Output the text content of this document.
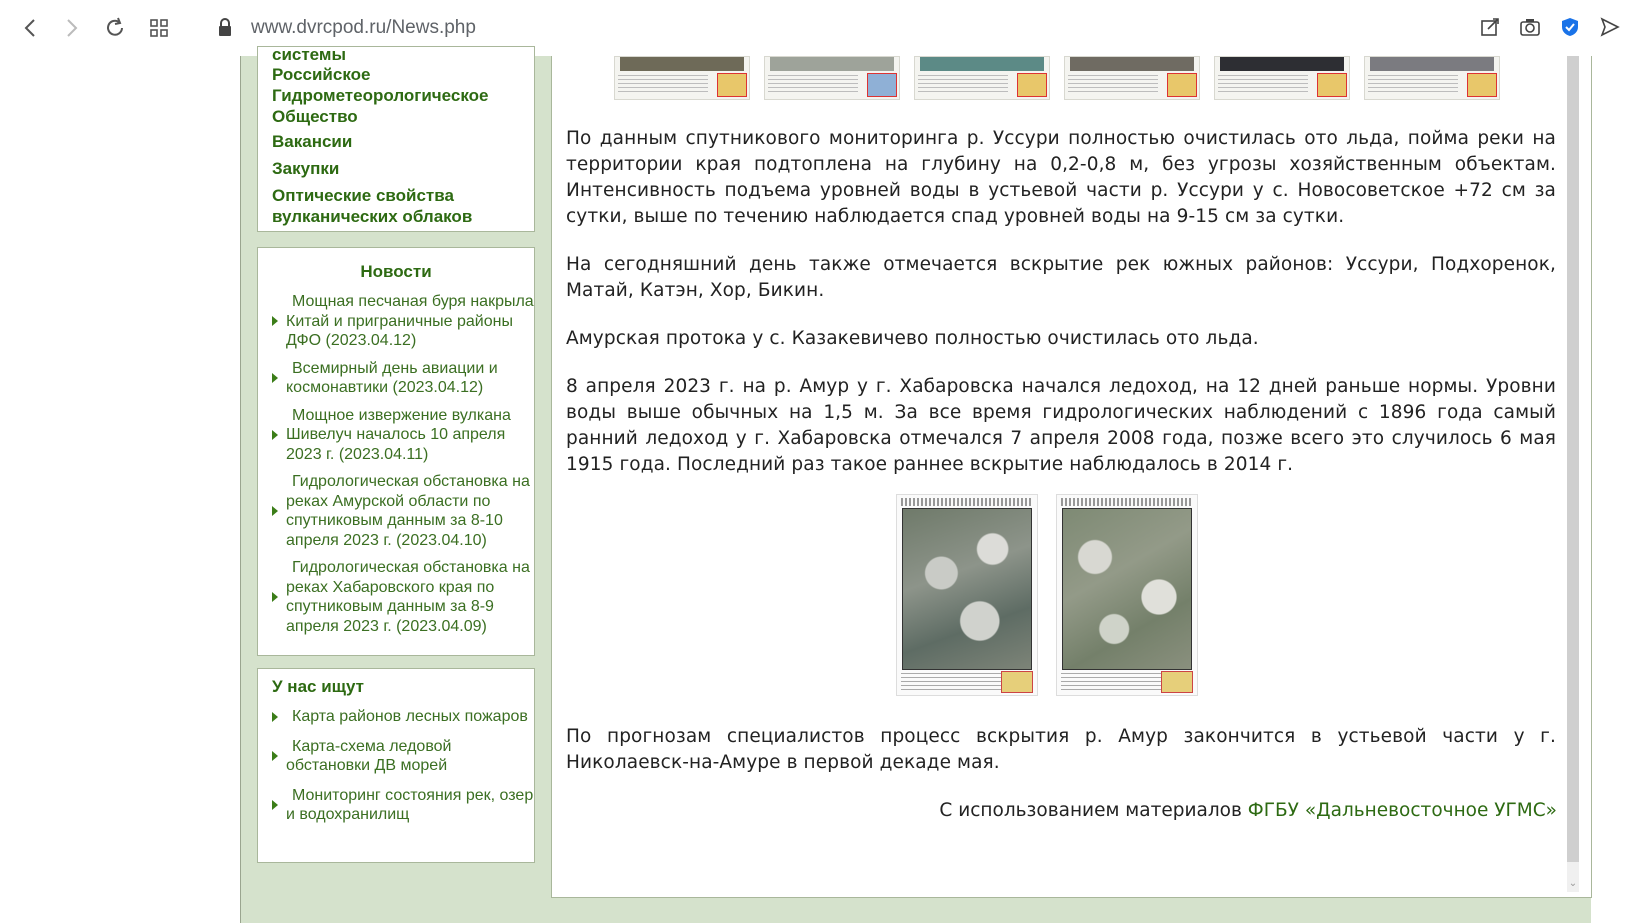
www.dvrcpod.ru /News.php
системы
Российское Гидрометеорологическое Общество
Вакансии
Закупки
Оптические свойства вулканических облаков
Новости
Мощная песчаная буря накрыла Китай и приграничные районы ДФО (2023.04.12)
Всемирный день авиации и космонавтики (2023.04.12)
Мощное извержение вулкана Шивелуч началось 10 апреля 2023 г. (2023.04.11)
Гидрологическая обстановка на реках Амурской области по спутниковым данным за 8-10 апреля 2023 г. (2023.04.10)
Гидрологическая обстановка на реках Хабаровского края по спутниковым данным за 8-9 апреля 2023 г. (2023.04.09)
У нас ищут
Карта районов лесных пожаров
Карта-схема ледовой обстановки ДВ морей
Мониторинг состояния рек, озер и водохранилищ

По данным спутникового мониторинга р. Уссури полностью очистилась ото льда, пойма реки на территории края подтоплена на глубину на 0,2-0,8 м, без угрозы хозяйственным объектам. Интенсивность подъема уровней воды в устьевой части р. Уссури у с. Новосоветское +72 см за сутки, выше по течению наблюдается спад уровней воды на 9-15 см за сутки.

На сегодняшний день также отмечается вскрытие рек южных районов: Уссури, Подхоренок, Матай, Катэн, Хор, Бикин.

Амурская протока у с. Казакевичево полностью очистилась ото льда.

8 апреля 2023 г. на р. Амур у г. Хабаровска начался ледоход, на 12 дней раньше нормы. Уровни воды выше обычных на 1,5 м. За все время гидрологических наблюдений с 1896 года самый ранний ледоход у г. Хабаровска отмечался 7 апреля 2008 года, позже всего это случилось 6 мая 1915 года. Последний раз такое раннее вскрытие наблюдалось в 2014 г.

По прогнозам специалистов процесс вскрытия р. Амур закончится в устьевой части у г. Николаевск-на-Амуре в первой декаде мая.

С использованием материалов ФГБУ «Дальневосточное УГМС»
⌄
